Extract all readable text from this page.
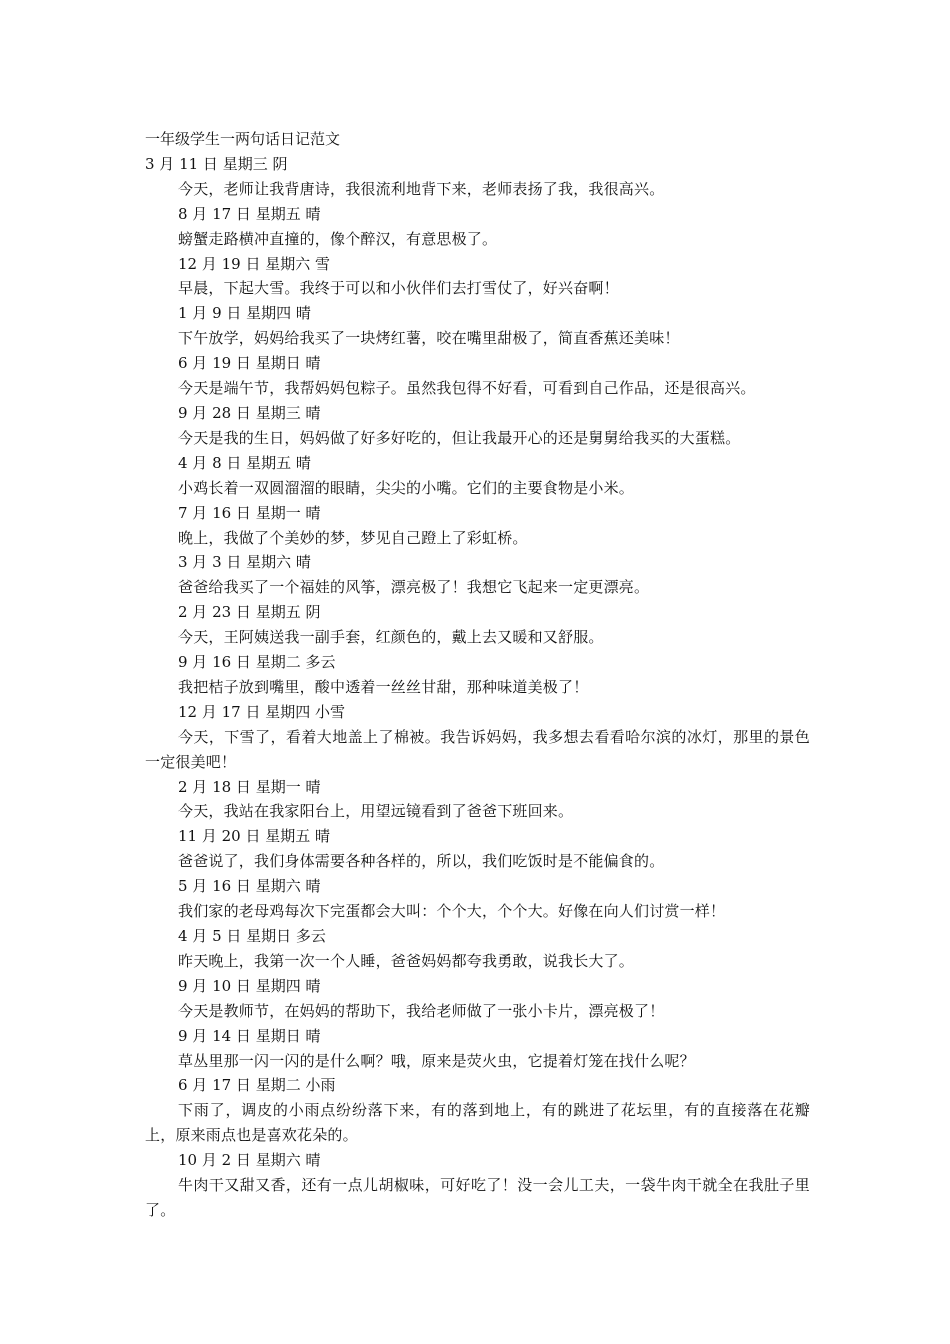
一年级学生一两句话日记范文
3 月 11 日 星期三 阴
今天，老师让我背唐诗，我很流利地背下来，老师表扬了我，我很高兴。
8 月 17 日 星期五 晴
螃蟹走路横冲直撞的，像个醉汉，有意思极了。
12 月 19 日 星期六 雪
早晨，下起大雪。我终于可以和小伙伴们去打雪仗了，好兴奋啊！
1 月 9 日 星期四 晴
下午放学，妈妈给我买了一块烤红薯，咬在嘴里甜极了，简直香蕉还美味！
6 月 19 日 星期日 晴
今天是端午节，我帮妈妈包粽子。虽然我包得不好看，可看到自己作品，还是很高兴。
9 月 28 日 星期三 晴
今天是我的生日，妈妈做了好多好吃的，但让我最开心的还是舅舅给我买的大蛋糕。
4 月 8 日 星期五 晴
小鸡长着一双圆溜溜的眼睛，尖尖的小嘴。它们的主要食物是小米。
7 月 16 日 星期一 晴
晚上，我做了个美妙的梦，梦见自己蹬上了彩虹桥。
3 月 3 日 星期六 晴
爸爸给我买了一个福娃的风筝，漂亮极了！我想它飞起来一定更漂亮。
2 月 23 日 星期五 阴
今天，王阿姨送我一副手套，红颜色的，戴上去又暖和又舒服。
9 月 16 日 星期二 多云
我把桔子放到嘴里，酸中透着一丝丝甘甜，那种味道美极了！
12 月 17 日 星期四 小雪
今天，下雪了，看着大地盖上了棉被。我告诉妈妈，我多想去看看哈尔滨的冰灯，那里的景色一定很美吧！
2 月 18 日 星期一 晴
今天，我站在我家阳台上，用望远镜看到了爸爸下班回来。
11 月 20 日 星期五 晴
爸爸说了，我们身体需要各种各样的，所以，我们吃饭时是不能偏食的。
5 月 16 日 星期六 晴
我们家的老母鸡每次下完蛋都会大叫：个个大，个个大。好像在向人们讨赏一样！
4 月 5 日 星期日 多云
昨天晚上，我第一次一个人睡，爸爸妈妈都夸我勇敢，说我长大了。
9 月 10 日 星期四 晴
今天是教师节，在妈妈的帮助下，我给老师做了一张小卡片，漂亮极了！
9 月 14 日 星期日 晴
草丛里那一闪一闪的是什么啊？哦，原来是荧火虫，它提着灯笼在找什么呢？
6 月 17 日 星期二 小雨
下雨了，调皮的小雨点纷纷落下来，有的落到地上，有的跳进了花坛里，有的直接落在花瓣上，原来雨点也是喜欢花朵的。
10 月 2 日 星期六 晴
牛肉干又甜又香，还有一点儿胡椒味，可好吃了！没一会儿工夫，一袋牛肉干就全在我肚子里了。
